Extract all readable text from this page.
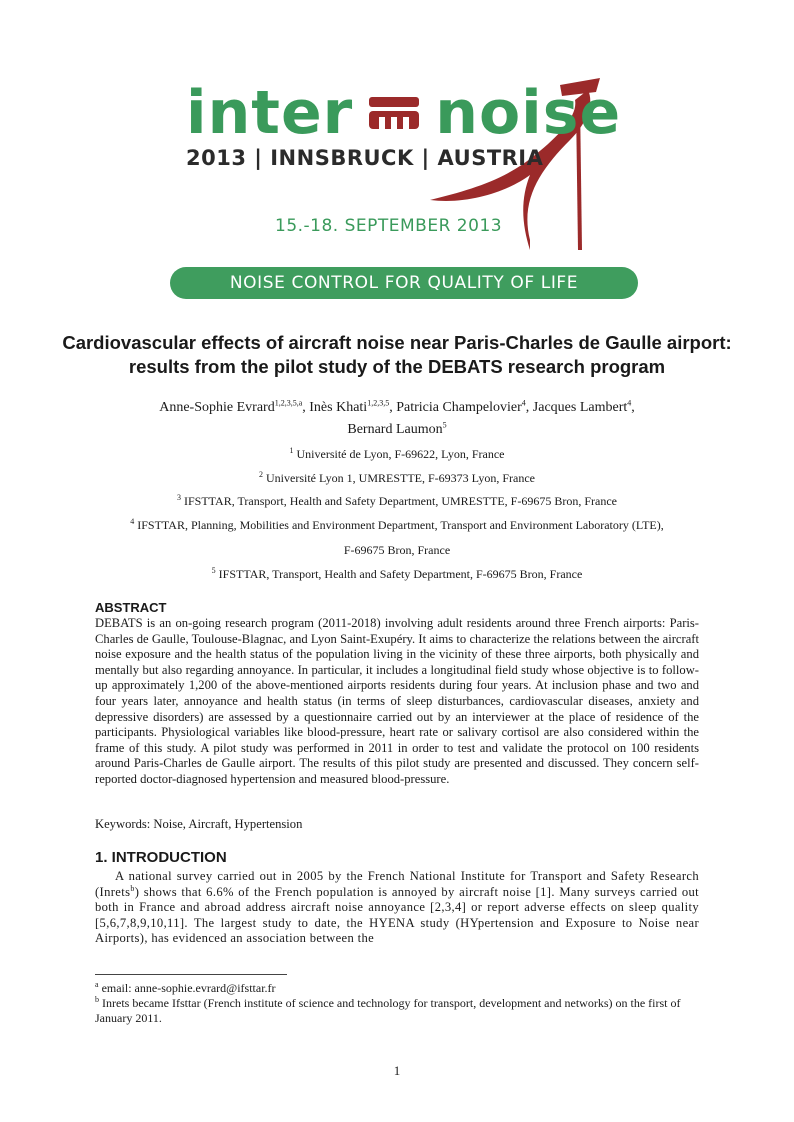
inter noise
2013 | INNSBRUCK | AUSTRIA
15.-18. SEPTEMBER 2013
NOISE CONTROL FOR QUALITY OF LIFE
Cardiovascular effects of aircraft noise near Paris-Charles de Gaulle airport: results from the pilot study of the DEBATS research program
Anne-Sophie Evrard$^{1,2,3,5,a}$, Inès Khati$^{1,2,3,5}$, Patricia Champelovier$^4$, Jacques Lambert$^4$,
Bernard Laumon$^5$
$^1$ Université de Lyon, F-69622, Lyon, France
$^2$ Université Lyon 1, UMRESTTE, F-69373 Lyon, France
$^3$ IFSTTAR, Transport, Health and Safety Department, UMRESTTE, F-69675 Bron, France
$^4$ IFSTTAR, Planning, Mobilities and Environment Department, Transport and Environment Laboratory (LTE),
F-69675 Bron, France
$^5$ IFSTTAR, Transport, Health and Safety Department, F-69675 Bron, France
ABSTRACT
DEBATS is an on-going research program (2011-2018) involving adult residents around three French airports: Paris-Charles de Gaulle, Toulouse-Blagnac, and Lyon Saint-Exupéry. It aims to characterize the relations between the aircraft noise exposure and the health status of the population living in the vicinity of these three airports, both physically and mentally but also regarding annoyance. In particular, it includes a longitudinal field study whose objective is to follow-up approximately 1,200 of the above-mentioned airports residents during four years. At inclusion phase and two and four years later, annoyance and health status (in terms of sleep disturbances, cardiovascular diseases, anxiety and depressive disorders) are assessed by a questionnaire carried out by an interviewer at the place of residence of the participants. Physiological variables like blood-pressure, heart rate or salivary cortisol are also considered within the frame of this study. A pilot study was performed in 2011 in order to test and validate the protocol on 100 residents around Paris-Charles de Gaulle airport. The results of this pilot study are presented and discussed. They concern self-reported doctor-diagnosed hypertension and measured blood-pressure.
Keywords: Noise, Aircraft, Hypertension
1. INTRODUCTION
A national survey carried out in 2005 by the French National Institute for Transport and Safety Research (Inrets$^b$) shows that 6.6% of the French population is annoyed by aircraft noise [1]. Many surveys carried out both in France and abroad address aircraft noise annoyance [2,3,4] or report adverse effects on sleep quality [5,6,7,8,9,10,11]. The largest study to date, the HYENA study (HYpertension and Exposure to Noise near Airports), has evidenced an association between the
$^a$ email: anne-sophie.evrard@ifsttar.fr
$^b$ Inrets became Ifsttar (French institute of science and technology for transport, development and networks) on the first of January 2011.
1
